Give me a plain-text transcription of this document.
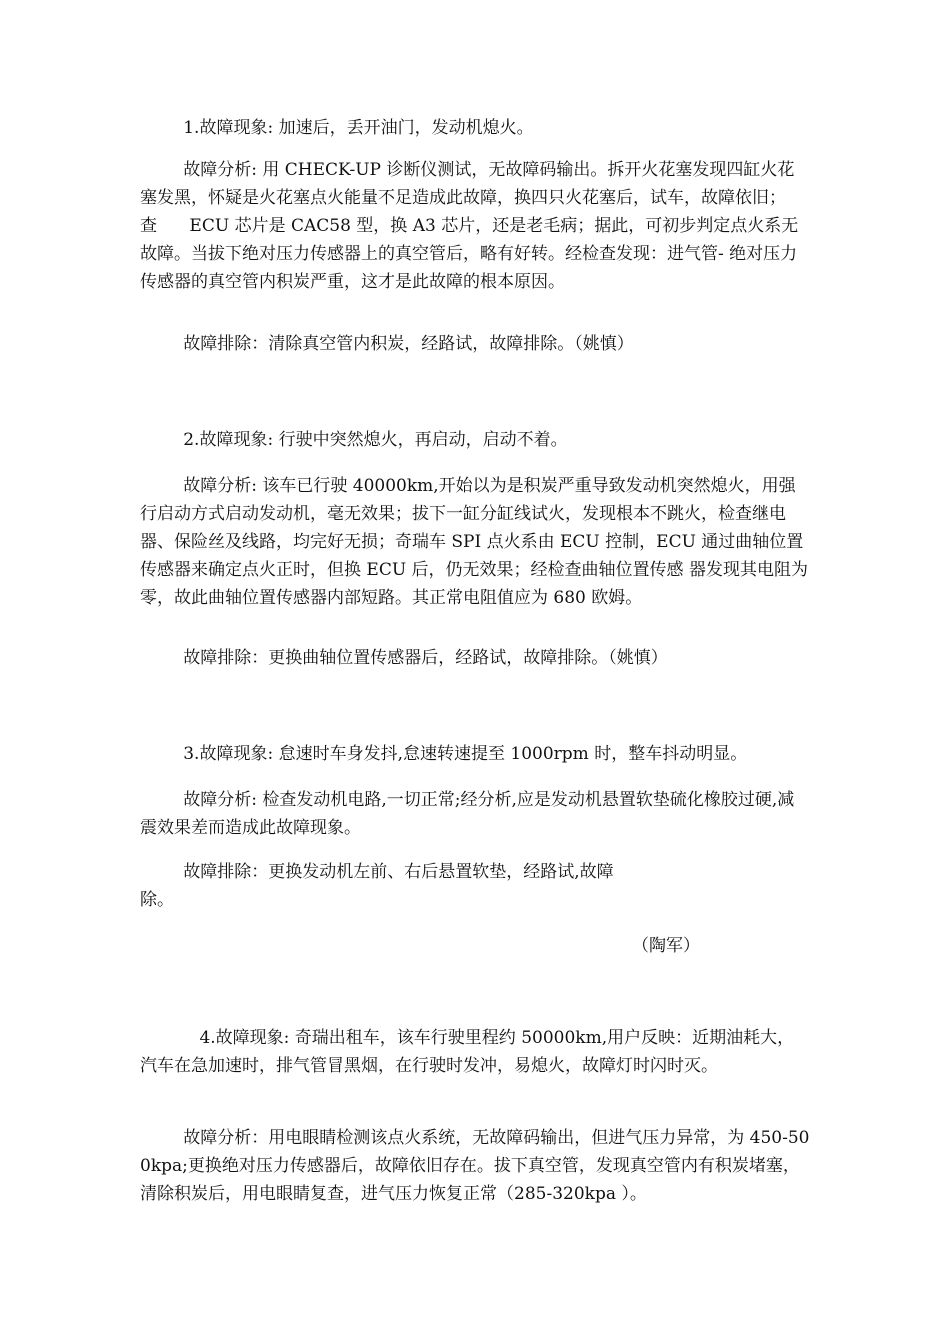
1.故障现象: 加速后，丢开油门，发动机熄火。

故障分析: 用 CHECK-UP 诊断仪测试，无故障码输出。拆开火花塞发现四缸火花塞发黑，怀疑是火花塞点火能量不足造成此故障，换四只火花塞后，试车，故障依旧；  查      ECU 芯片是 CAC58 型，换 A3 芯片，还是老毛病；据此，可初步判定点火系无故障。当拔下绝对压力传感器上的真空管后，略有好转。经检查发现：进气管- 绝对压力传感器的真空管内积炭严重，这才是此故障的根本原因。

故障排除：清除真空管内积炭，经路试，故障排除。（姚慎）

2.故障现象: 行驶中突然熄火，再启动，启动不着。

故障分析: 该车已行驶 40000km,开始以为是积炭严重导致发动机突然熄火，用强行启动方式启动发动机，毫无效果；拔下一缸分缸线试火，发现根本不跳火，检查继电 器、保险丝及线路，均完好无损；奇瑞车 SPI 点火系由 ECU 控制，ECU 通过曲轴位置传感器来确定点火正时，但换 ECU 后，仍无效果；经检查曲轴位置传感 器发现其电阻为零，故此曲轴位置传感器内部短路。其正常电阻值应为 680 欧姆。

故障排除：更换曲轴位置传感器后，经路试，故障排除。（姚慎）

3.故障现象: 怠速时车身发抖,怠速转速提至 1000rpm 时，整车抖动明显。

故障分析: 检查发动机电路,一切正常;经分析,应是发动机悬置软垫硫化橡胶过硬,减震效果差而造成此故障现象。

故障排除：更换发动机左前、右后悬置软垫，经路试,故障
除。

（陶军）

4.故障现象: 奇瑞出租车，该车行驶里程约 50000km,用户反映：近期油耗大，汽车在急加速时，排气管冒黑烟，在行驶时发冲，易熄火，故障灯时闪时灭。

故障分析：用电眼睛检测该点火系统，无故障码输出，但进气压力异常，为 450-500kpa;更换绝对压力传感器后，故障依旧存在。拔下真空管，发现真空管内有积炭堵塞，清除积炭后，用电眼睛复查，进气压力恢复正常（285-320kpa ）。
